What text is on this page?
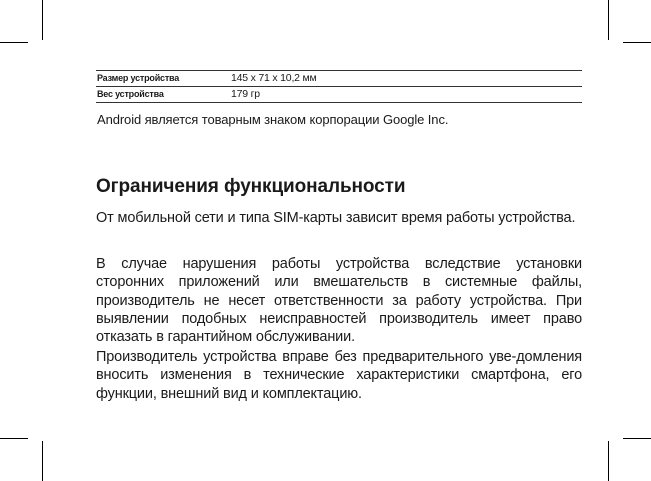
Размер устройства	145 x 71 x 10,2 мм
Вес устройства	179 гр
Android является товарным знаком корпорации Google Inc.
Ограничения функциональности

От мобильной сети и типа SIM-карты зависит время работы устройства.

В случае нарушения работы устройства вследствие установки сторонних приложений или вмешательств в системные файлы, производитель не несет ответственности за работу устройства. При выявлении подобных неисправностей производитель имеет право отказать в гарантийном обслуживании.

Производитель устройства вправе без предварительного уве-домления вносить изменения в технические характеристики смартфона, его функции, внешний вид и комплектацию.
